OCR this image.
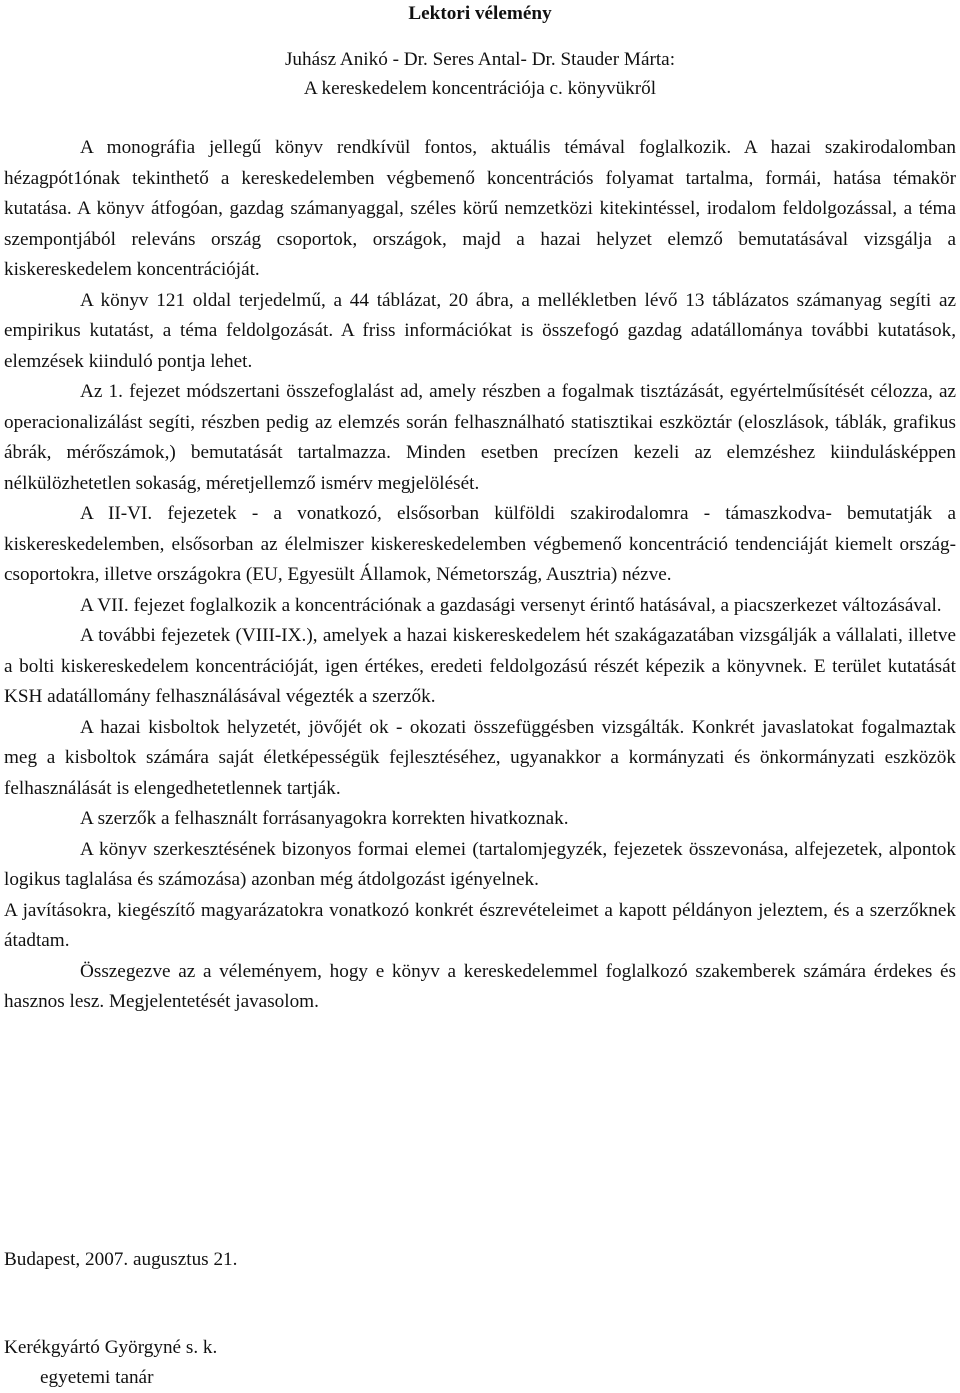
Lektori vélemény
Juhász Anikó - Dr. Seres Antal- Dr. Stauder Márta:
A kereskedelem koncentrációja c. könyvükről

A monográfia jellegű könyv rendkívül fontos, aktuális témával foglalkozik. A hazai szakirodalomban hézagpót1ónak tekinthető a kereskedelemben végbemenő koncentrációs folyamat tartalma, formái, hatása témakör kutatása. A könyv átfogóan, gazdag számanyaggal, széles körű nemzetközi kitekintéssel, irodalom feldolgozással, a téma szempontjából releváns ország csoportok, országok, majd a hazai helyzet elemző bemutatásával vizsgálja a kiskereskedelem koncentrációját.

A könyv 121 oldal terjedelmű, a 44 táblázat, 20 ábra, a mellékletben lévő 13 táblázatos számanyag segíti az empirikus kutatást, a téma feldolgozását. A friss információkat is összefogó gazdag adatállománya további kutatások, elemzések kiinduló pontja lehet.

Az 1. fejezet módszertani összefoglalást ad, amely részben a fogalmak tisztázását, egyértelműsítését célozza, az operacionalizálást segíti, részben pedig az elemzés során felhasználható statisztikai eszköztár (eloszlások, táblák, grafikus ábrák, mérőszámok,) bemutatását tartalmazza. Minden esetben precízen kezeli az elemzéshez kiindulásképpen nélkülözhetetlen sokaság, méretjellemző ismérv megjelölését.

A II-VI. fejezetek - a vonatkozó, elsősorban külföldi szakirodalomra - támaszkodva- bemutatják a kiskereskedelemben, elsősorban az élelmiszer kiskereskedelemben végbemenő koncentráció tendenciáját kiemelt ország-csoportokra, illetve országokra (EU, Egyesült Államok, Németország, Ausztria) nézve.

A VII. fejezet foglalkozik a koncentrációnak a gazdasági versenyt érintő hatásával, a piacszerkezet változásával.

A további fejezetek (VIII-IX.), amelyek a hazai kiskereskedelem hét szakágazatában vizsgálják a vállalati, illetve a bolti kiskereskedelem koncentrációját, igen értékes, eredeti feldolgozású részét képezik a könyvnek. E terület kutatását KSH adatállomány felhasználásával végezték a szerzők.

A hazai kisboltok helyzetét, jövőjét ok - okozati összefüggésben vizsgálták. Konkrét javaslatokat fogalmaztak meg a kisboltok számára saját életképességük fejlesztéséhez, ugyanakkor a kormányzati és önkormányzati eszközök felhasználását is elengedhetetlennek tartják.

A szerzők a felhasznált forrásanyagokra korrekten hivatkoznak.

A könyv szerkesztésének bizonyos formai elemei (tartalomjegyzék, fejezetek összevonása, alfejezetek, alpontok logikus taglalása és számozása) azonban még átdolgozást igényelnek.

A javításokra, kiegészítő magyarázatokra vonatkozó konkrét észrevételeimet a kapott példányon jeleztem, és a szerzőknek átadtam.

Összegezve az a véleményem, hogy e könyv a kereskedelemmel foglalkozó szakemberek számára érdekes és hasznos lesz. Megjelentetését javasolom.

Budapest, 2007. augusztus 21.

Kerékgyártó Györgyné s. k.
egyetemi tanár
